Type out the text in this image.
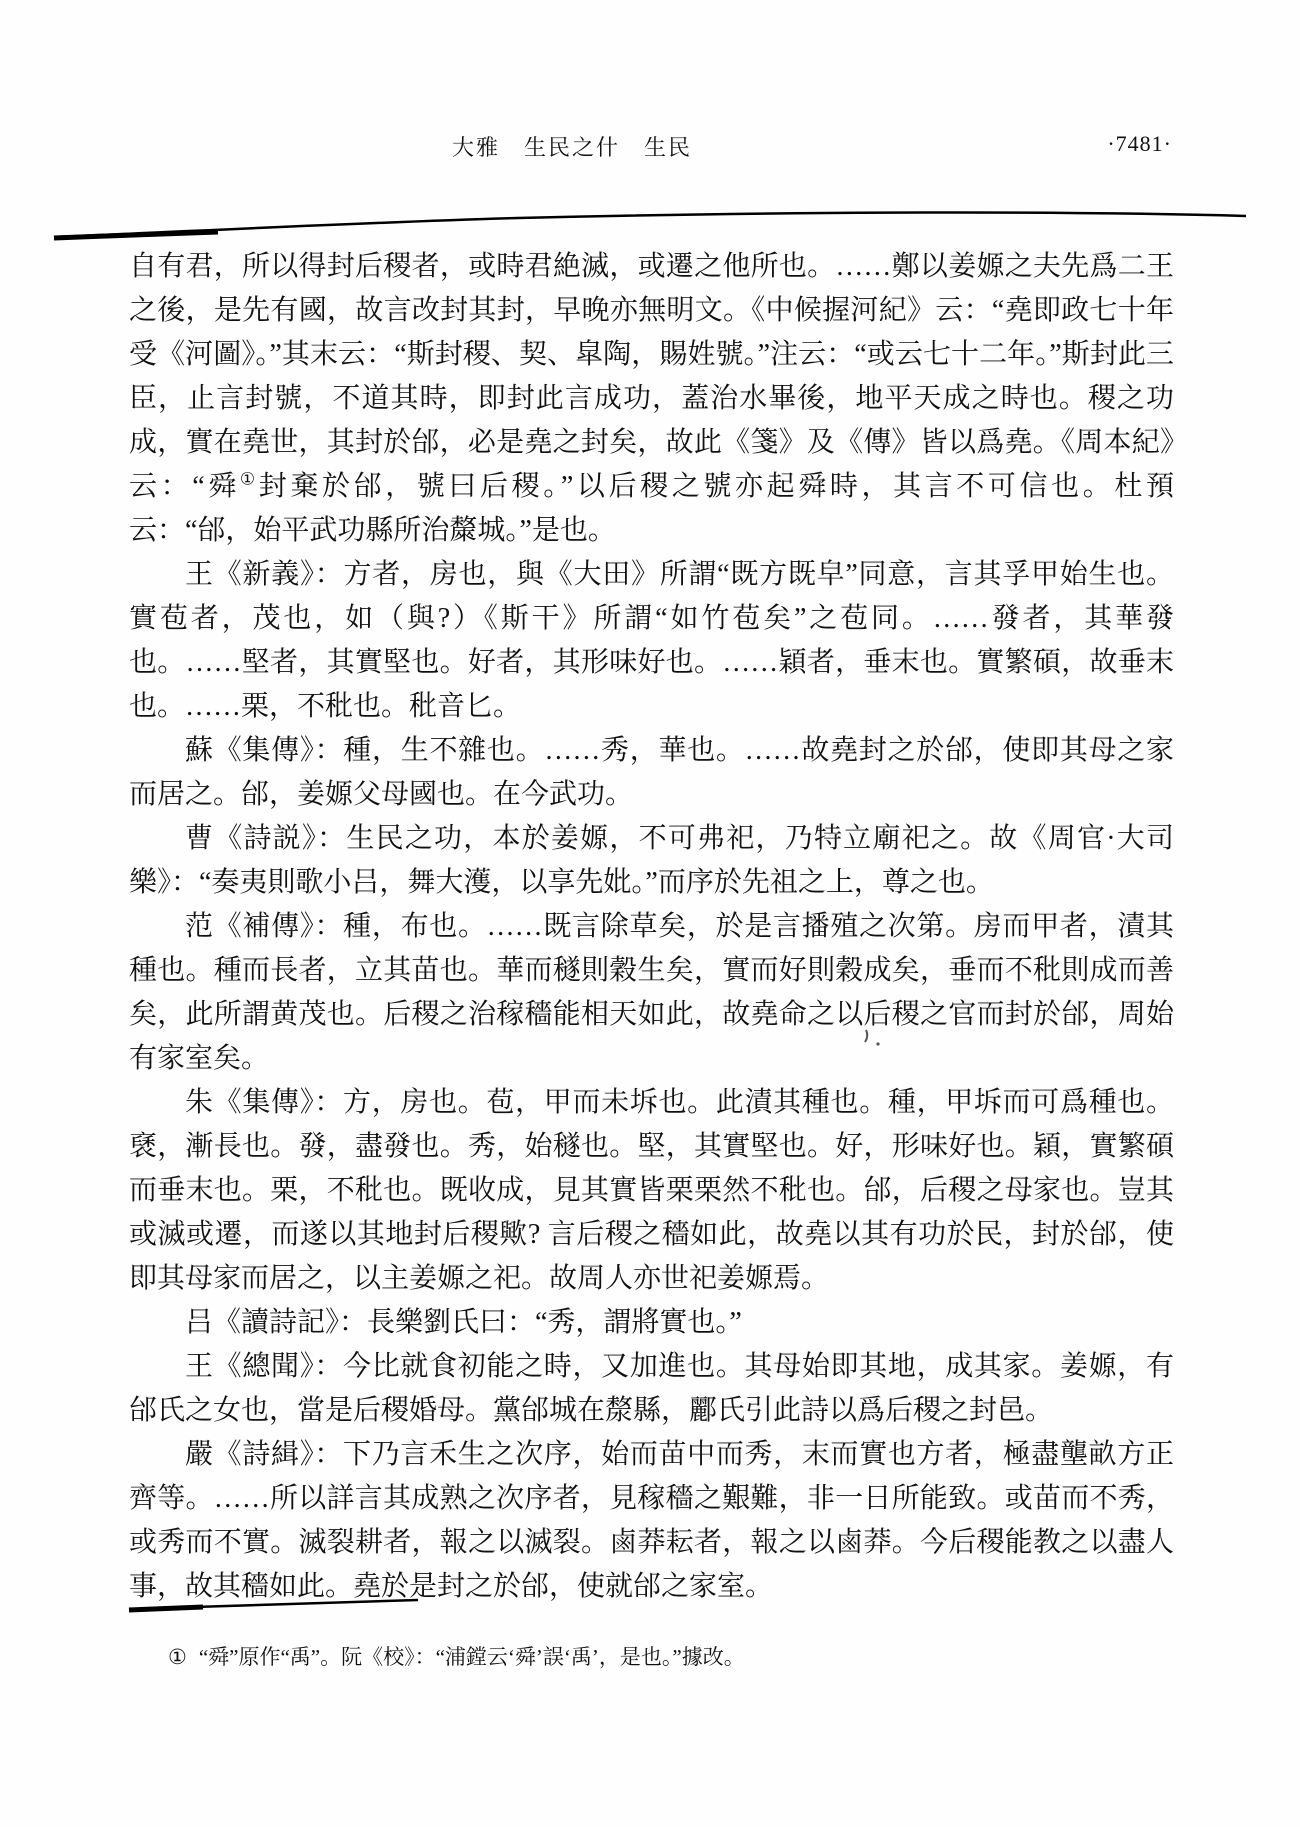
大雅　生民之什　生民	·7481·
自有君，所以得封后稷者，或時君絶滅，或遷之他所也。……鄭以姜嫄之夫先爲二王之後，是先有國，故言改封其封，早晚亦無明文。《中候握河紀》云：“堯即政七十年受《河圖》。”其末云：“斯封稷、契、皐陶，賜姓號。”注云：“或云七十二年。”斯封此三臣，止言封號，不道其時，即封此言成功，蓋治水畢後，地平天成之時也。稷之功成，實在堯世，其封於邰，必是堯之封矣，故此《箋》及《傳》皆以爲堯。《周本紀》云：“舜①封棄於邰，號曰后稷。”以后稷之號亦起舜時，其言不可信也。杜預云：“邰，始平武功縣所治斄城。”是也。
王《新義》：方者，房也，與《大田》所謂“既方既皁”同意，言其孚甲始生也。實苞者，茂也，如（與?）《斯干》所謂“如竹苞矣”之苞同。……發者，其華發也。……堅者，其實堅也。好者，其形味好也。……穎者，垂末也。實繁碩，故垂末也。……栗，不秕也。秕音匕。
蘇《集傳》：種，生不雜也。……秀，華也。……故堯封之於邰，使即其母之家而居之。邰，姜嫄父母國也。在今武功。
曹《詩説》：生民之功，本於姜嫄，不可弗祀，乃特立廟祀之。故《周官·大司樂》：“奏夷則歌小吕，舞大濩，以享先妣。”而序於先祖之上，尊之也。
范《補傳》：種，布也。……既言除草矣，於是言播殖之次第。房而甲者，漬其種也。種而長者，立其苗也。華而穟則穀生矣，實而好則穀成矣，垂而不秕則成而善矣，此所謂黄茂也。后稷之治稼穡能相天如此，故堯命之以后稷之官而封於邰，周始有家室矣。
朱《集傳》：方，房也。苞，甲而未坼也。此漬其種也。種，甲坼而可爲種也。褎，漸長也。發，盡發也。秀，始穟也。堅，其實堅也。好，形味好也。穎，實繁碩而垂末也。栗，不秕也。既收成，見其實皆栗栗然不秕也。邰，后稷之母家也。豈其或滅或遷，而遂以其地封后稷歟? 言后稷之穡如此，故堯以其有功於民，封於邰，使即其母家而居之，以主姜嫄之祀。故周人亦世祀姜嫄焉。
吕《讀詩記》：長樂劉氏曰：“秀，謂將實也。”
王《總聞》：今比就食初能之時，又加進也。其母始即其地，成其家。姜嫄，有邰氏之女也，當是后稷婚母。黨邰城在漦縣，酈氏引此詩以爲后稷之封邑。
嚴《詩緝》：下乃言禾生之次序，始而苗中而秀，末而實也方者，極盡壟畝方正齊等。……所以詳言其成熟之次序者，見稼穡之艱難，非一日所能致。或苗而不秀，或秀而不實。滅裂耕者，報之以滅裂。鹵莽耘者，報之以鹵莽。今后稷能教之以盡人事，故其穡如此。堯於是封之於邰，使就邰之家室。
① “舜”原作“禹”。阮《校》：“浦鏜云‘舜’誤‘禹’，是也。”據改。
